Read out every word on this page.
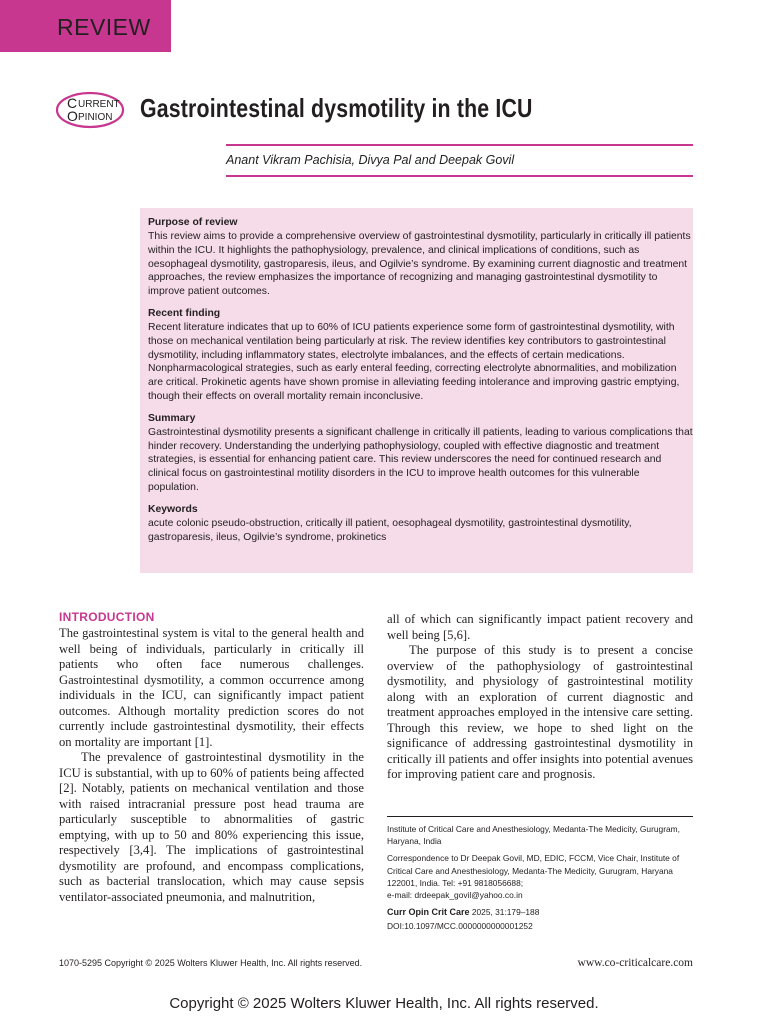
REVIEW
C URRENT
O PINION Gastrointestinal dysmotility in the ICU
Anant Vikram Pachisia, Divya Pal and Deepak Govil
Purpose of review

This review aims to provide a comprehensive overview of gastrointestinal dysmotility, particularly in critically ill patients within the ICU. It highlights the pathophysiology, prevalence, and clinical implications of conditions, such as oesophageal dysmotility, gastroparesis, ileus, and Ogilvie’s syndrome. By examining current diagnostic and treatment approaches, the review emphasizes the importance of recognizing and managing gastrointestinal dysmotility to improve patient outcomes.

Recent finding

Recent literature indicates that up to 60% of ICU patients experience some form of gastrointestinal dysmotility, with those on mechanical ventilation being particularly at risk. The review identifies key contributors to gastrointestinal dysmotility, including inflammatory states, electrolyte imbalances, and the effects of certain medications. Nonpharmacological strategies, such as early enteral feeding, correcting electrolyte abnormalities, and mobilization are critical. Prokinetic agents have shown promise in alleviating feeding intolerance and improving gastric emptying, though their effects on overall mortality remain inconclusive.

Summary

Gastrointestinal dysmotility presents a significant challenge in critically ill patients, leading to various complications that hinder recovery. Understanding the underlying pathophysiology, coupled with effective diagnostic and treatment strategies, is essential for enhancing patient care. This review underscores the need for continued research and clinical focus on gastrointestinal motility disorders in the ICU to improve health outcomes for this vulnerable population.

Keywords

acute colonic pseudo-obstruction, critically ill patient, oesophageal dysmotility, gastrointestinal dysmotility, gastroparesis, ileus, Ogilvie’s syndrome, prokinetics

INTRODUCTION

The gastrointestinal system is vital to the general health and well being of individuals, particularly in critically ill patients who often face numerous challenges. Gastrointestinal dysmotility, a common occurrence among individuals in the ICU, can significantly impact patient outcomes. Although mortality prediction scores do not currently include gastrointestinal dysmotility, their effects on mortality are important [1].

The prevalence of gastrointestinal dysmotility in the ICU is substantial, with up to 60% of patients being affected [2]. Notably, patients on mechanical ventilation and those with raised intracranial pressure post head trauma are particularly susceptible to abnormalities of gastric emptying, with up to 50 and 80% experiencing this issue, respectively [3,4]. The implications of gastrointestinal dysmotility are profound, and encompass complications, such as bacterial translocation, which may cause sepsis ventilator-associated pneumonia, and malnutrition,

all of which can significantly impact patient recovery and well being [5,6].

The purpose of this study is to present a concise overview of the pathophysiology of gastrointestinal dysmotility, and physiology of gastrointestinal motility along with an exploration of current diagnostic and treatment approaches employed in the intensive care setting. Through this review, we hope to shed light on the significance of addressing gastrointestinal dysmotility in critically ill patients and offer insights into potential avenues for improving patient care and prognosis.

Institute of Critical Care and Anesthesiology, Medanta-The Medicity, Gurugram, Haryana, India

Correspondence to Dr Deepak Govil, MD, EDIC, FCCM, Vice Chair, Institute of Critical Care and Anesthesiology, Medanta-The Medicity, Gurugram, Haryana 122001, India. Tel: +91 9818056688;

e-mail: drdeepak_govil@yahoo.co.in

Curr Opin Crit Care 2025, 31:179–188

DOI:10.1097/MCC.0000000000001252

1070-5295 Copyright © 2025 Wolters Kluwer Health, Inc. All rights reserved.	www.co-criticalcare.com
Copyright © 2025 Wolters Kluwer Health, Inc. All rights reserved.
